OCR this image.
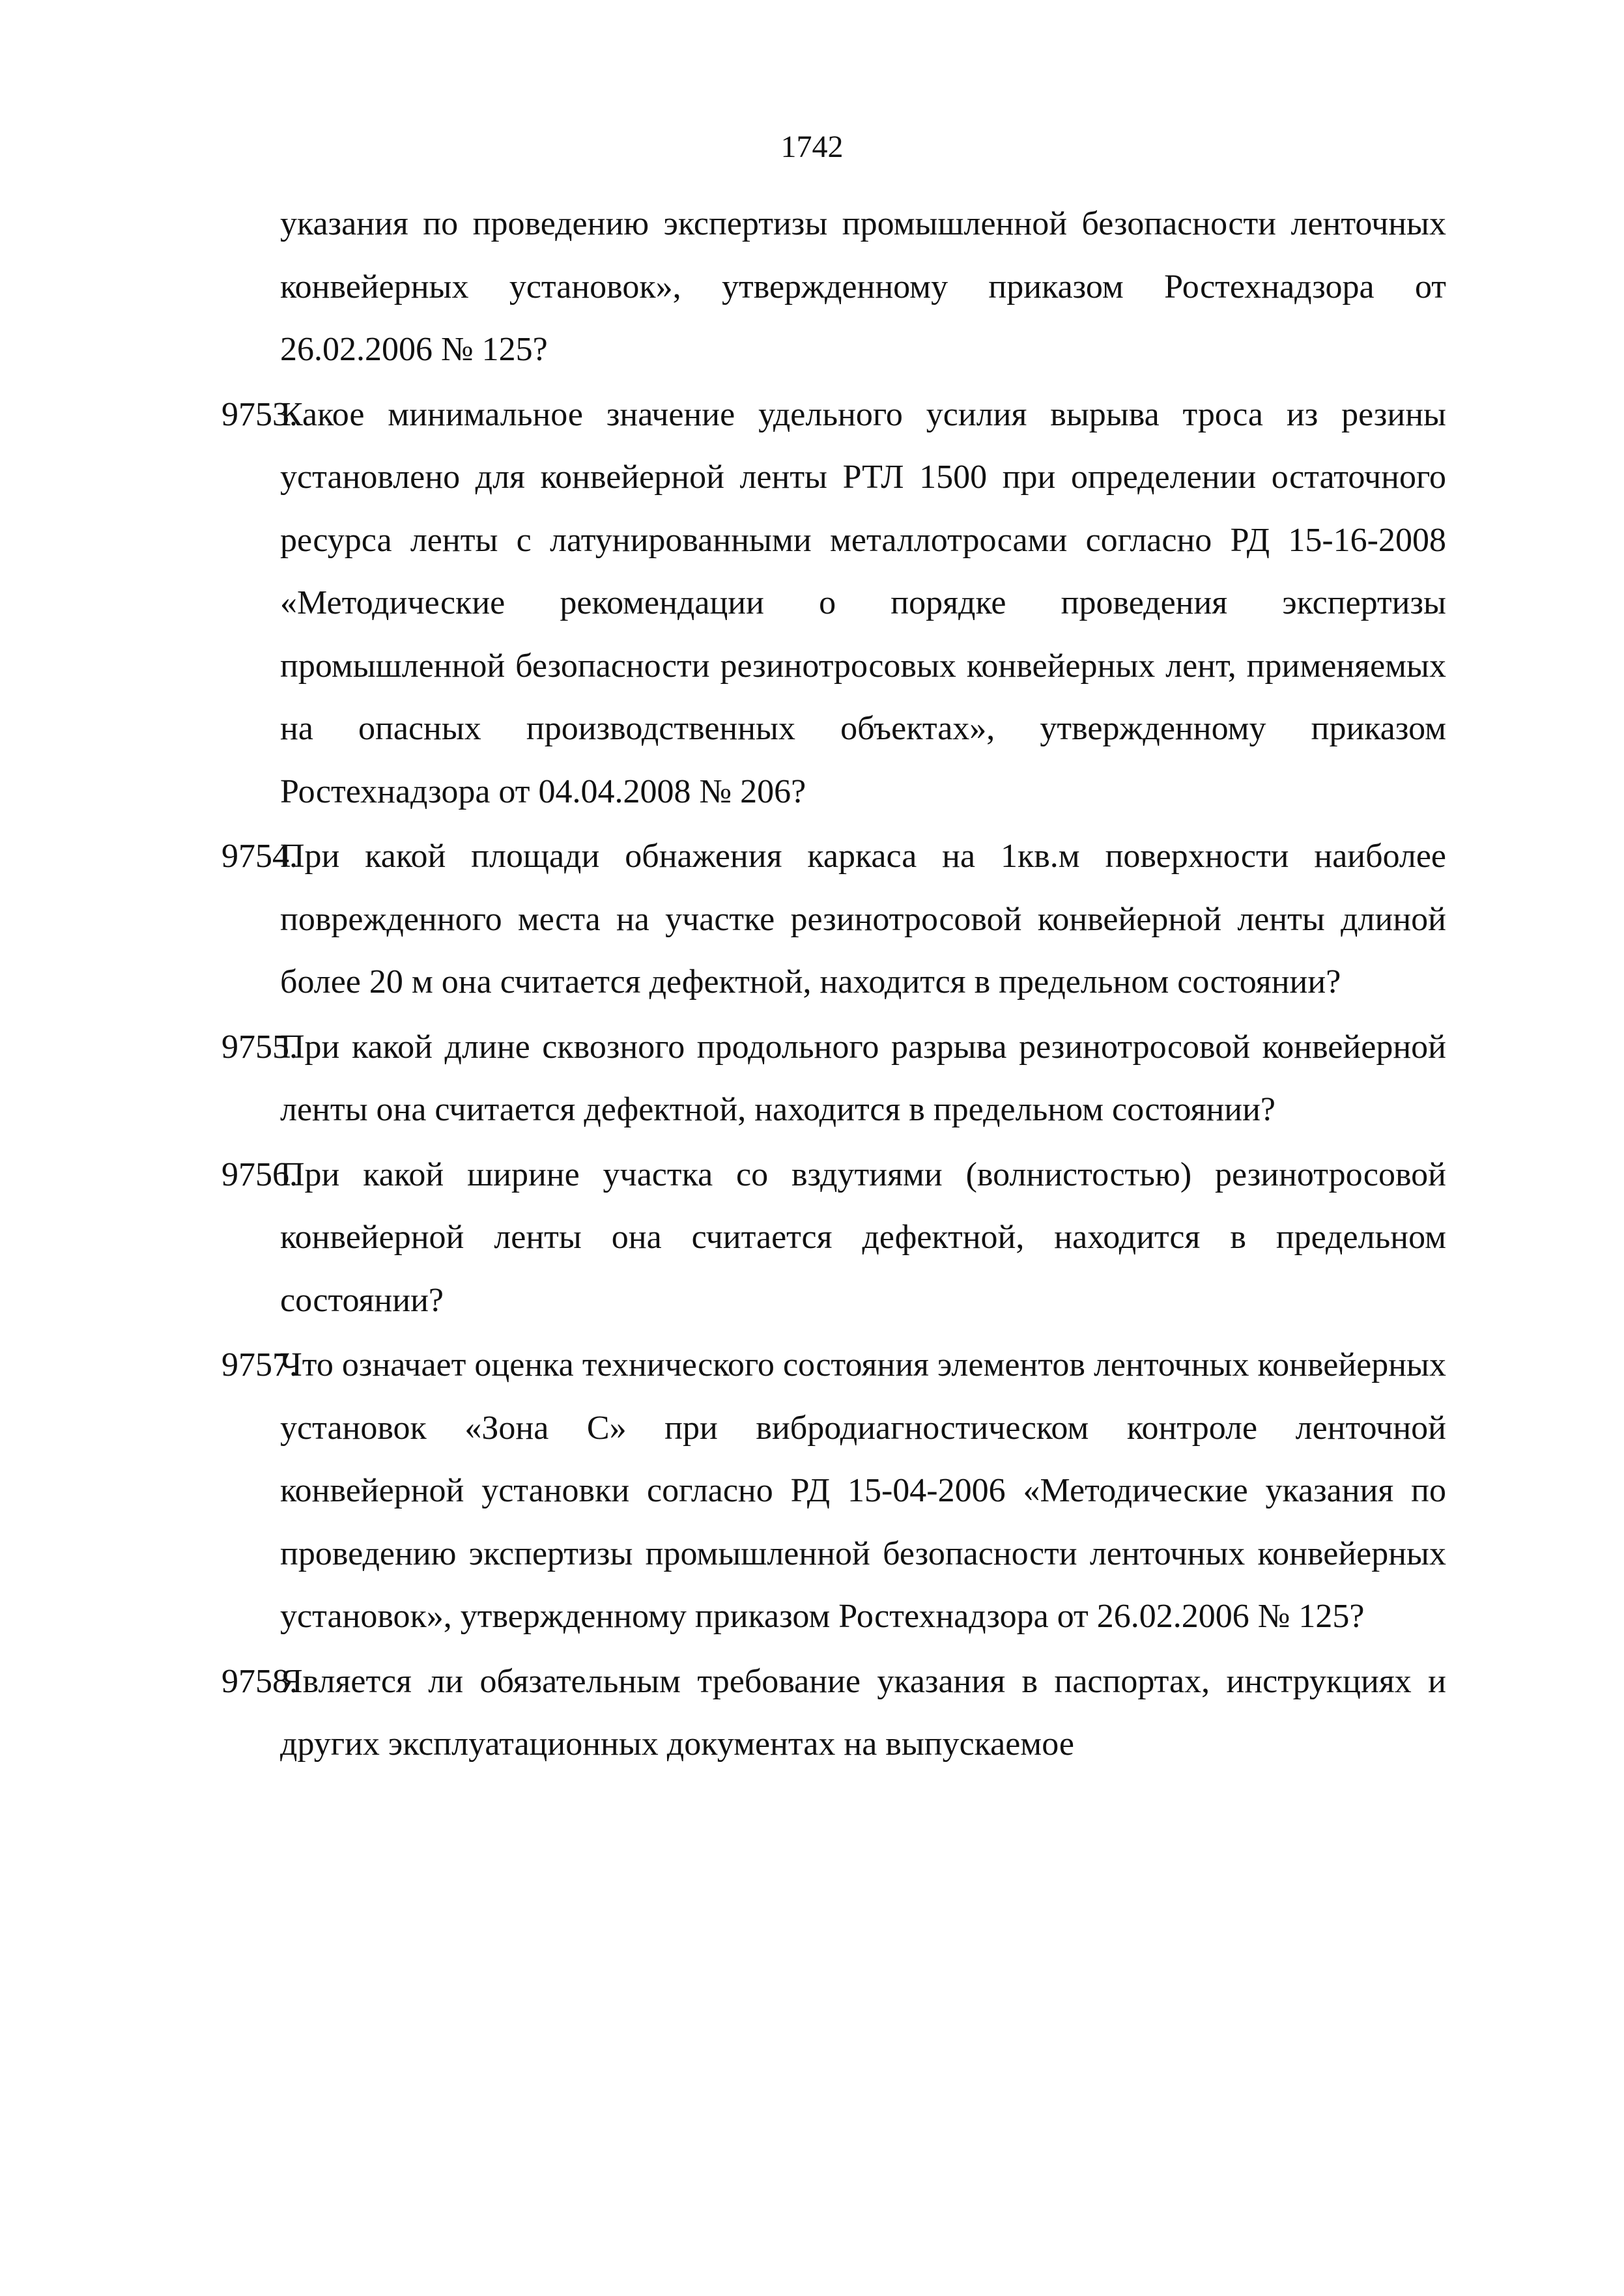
1742

указания по проведению экспертизы промышленной безопасности ленточных конвейерных установок», утвержденному приказом Ростехнадзора от 26.02.2006 № 125?

9753.
Какое минимальное значение удельного усилия вырыва троса из резины установлено для конвейерной ленты РТЛ 1500 при определении остаточного ресурса ленты с латунированными металлотросами согласно РД 15-16-2008 «Методические рекомендации о порядке проведения экспертизы промышленной безопасности резинотросовых конвейерных лент, применяемых на опасных производственных объектах», утвержденному приказом Ростехнадзора от 04.04.2008 № 206?
9754.
При какой площади обнажения каркаса на 1кв.м поверхности наиболее поврежденного места на участке резинотросовой конвейерной ленты длиной более 20 м она считается дефектной, находится в предельном состоянии?
9755.
При какой длине сквозного продольного разрыва резинотросовой конвейерной ленты она считается дефектной, находится в предельном состоянии?
9756.
При какой ширине участка со вздутиями (волнистостью) резинотросовой конвейерной ленты она считается дефектной, находится в предельном состоянии?
9757.
Что означает оценка технического состояния элементов ленточных конвейерных установок «Зона С» при вибродиагностическом контроле ленточной конвейерной установки согласно РД 15-04-2006 «Методические указания по проведению экспертизы промышленной безопасности ленточных конвейерных установок», утвержденному приказом Ростехнадзора от 26.02.2006 № 125?
9758.
Является ли обязательным требование указания в паспортах, инструкциях и других эксплуатационных документах на выпускаемое
